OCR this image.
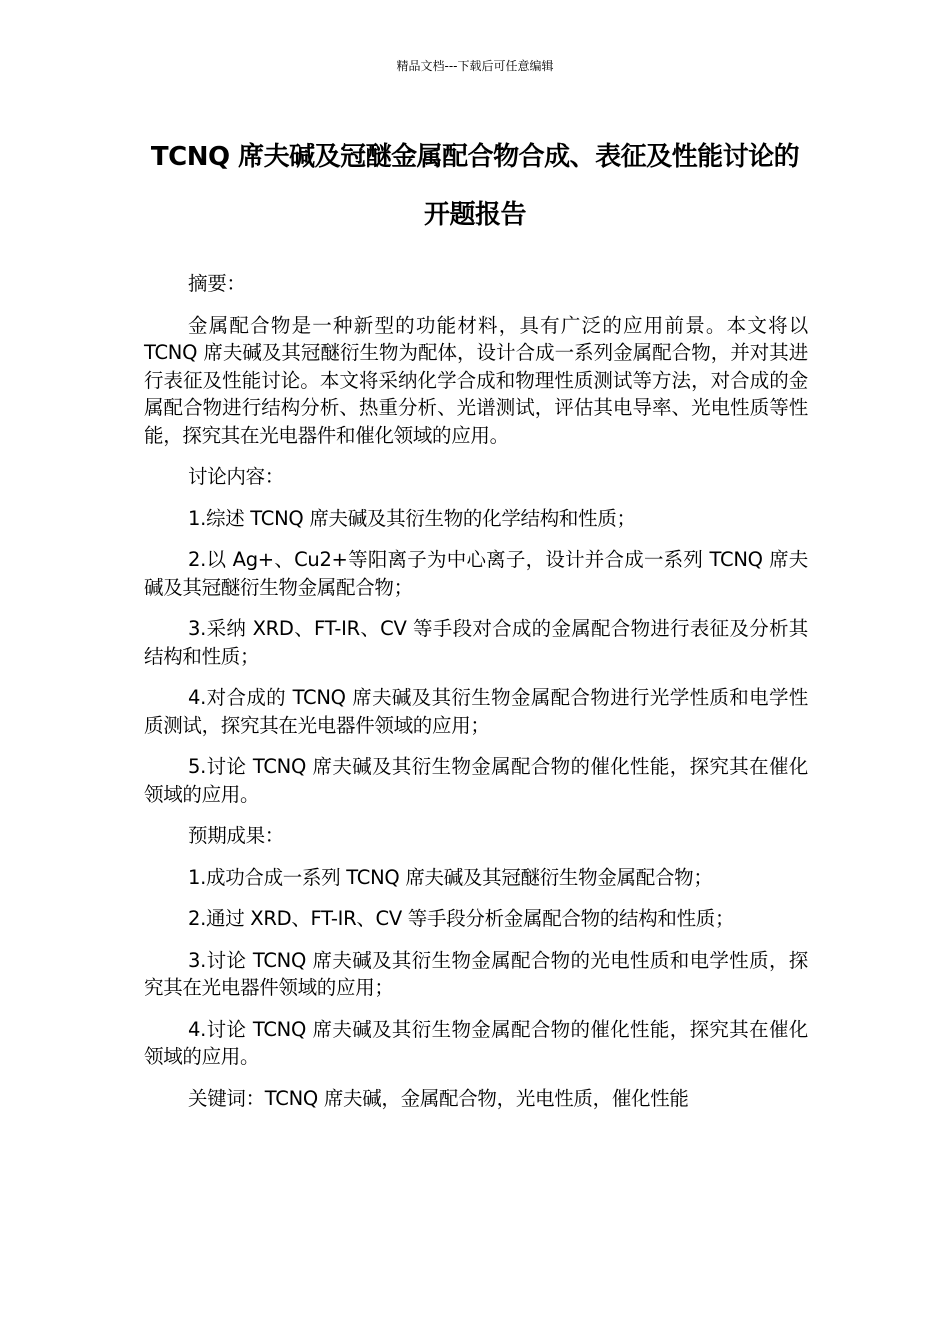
精品文档---下载后可任意编辑
TCNQ 席夫碱及冠醚金属配合物合成、表征及性能讨论的开题报告

摘要：

金属配合物是一种新型的功能材料，具有广泛的应用前景。本文将以 TCNQ 席夫碱及其冠醚衍生物为配体，设计合成一系列金属配合物，并对其进行表征及性能讨论。本文将采纳化学合成和物理性质测试等方法，对合成的金属配合物进行结构分析、热重分析、光谱测试，评估其电导率、光电性质等性能，探究其在光电器件和催化领域的应用。

讨论内容：

1.综述 TCNQ 席夫碱及其衍生物的化学结构和性质；

2.以 Ag+、Cu2+等阳离子为中心离子，设计并合成一系列 TCNQ 席夫碱及其冠醚衍生物金属配合物；

3.采纳 XRD、FT-IR、CV 等手段对合成的金属配合物进行表征及分析其结构和性质；

4.对合成的 TCNQ 席夫碱及其衍生物金属配合物进行光学性质和电学性质测试，探究其在光电器件领域的应用；

5.讨论 TCNQ 席夫碱及其衍生物金属配合物的催化性能，探究其在催化领域的应用。

预期成果：

1.成功合成一系列 TCNQ 席夫碱及其冠醚衍生物金属配合物；

2.通过 XRD、FT-IR、CV 等手段分析金属配合物的结构和性质；

3.讨论 TCNQ 席夫碱及其衍生物金属配合物的光电性质和电学性质，探究其在光电器件领域的应用；

4.讨论 TCNQ 席夫碱及其衍生物金属配合物的催化性能，探究其在催化领域的应用。

关键词：TCNQ 席夫碱，金属配合物，光电性质，催化性能
